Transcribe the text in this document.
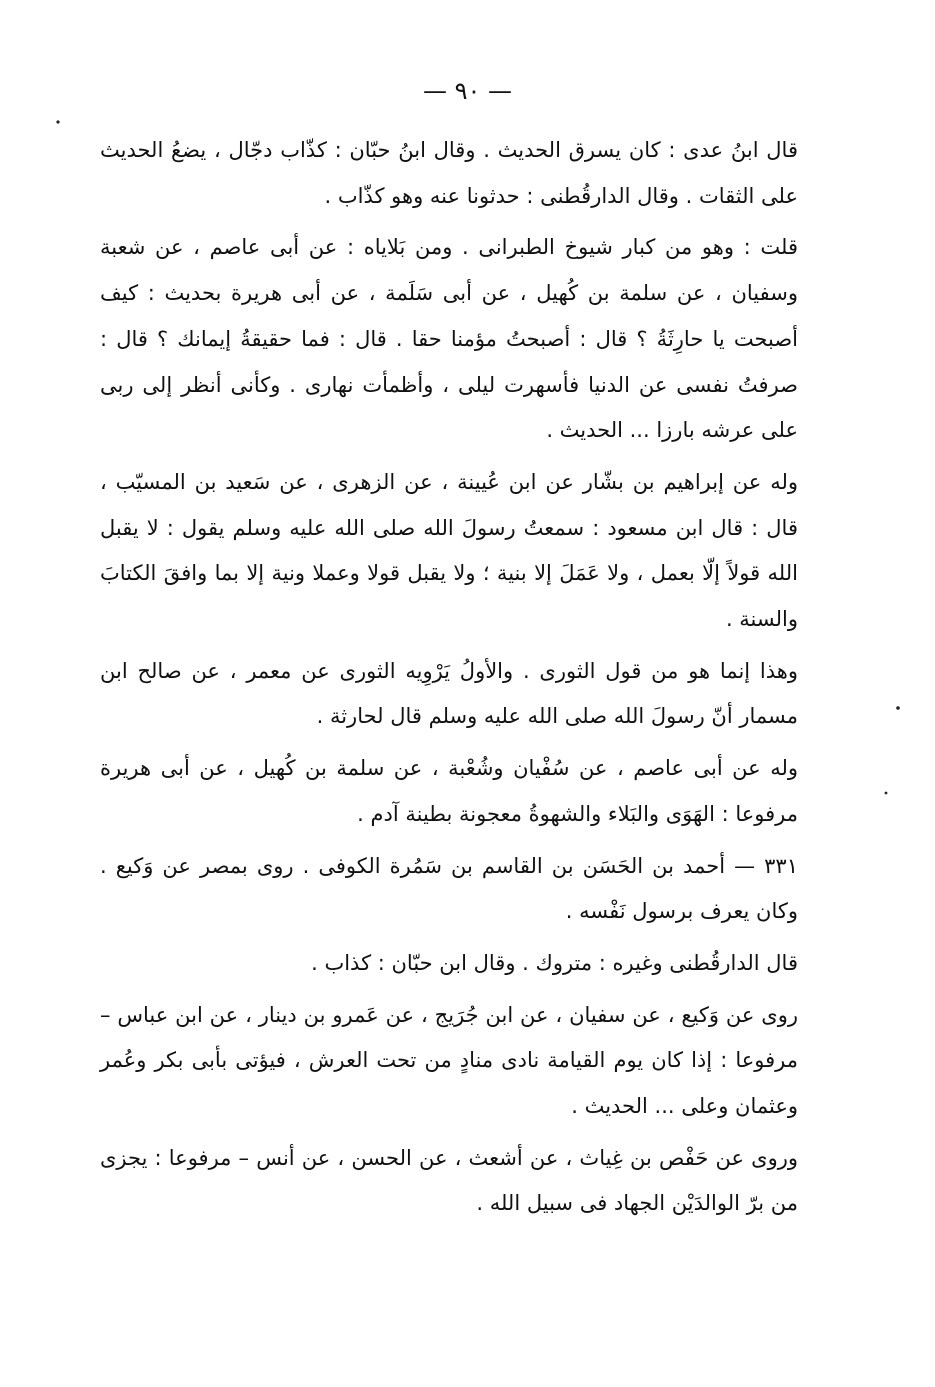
— ٩٠ —

قال ابنُ عدى : كان يسرق الحديث . وقال ابنُ حبّان : كذّاب دجّال ، يضعُ الحديث على الثقات . وقال الدارقُطنى : حدثونا عنه وهو كذّاب .

قلت : وهو من كبار شيوخ الطبرانى . ومن بَلاياه : عن أبى عاصم ، عن شعبة وسفيان ، عن سلمة بن كُهيل ، عن أبى سَلَمة ، عن أبى هريرة بحديث : كيف أصبحت يا حارِثَةُ ؟ قال : أصبحتُ مؤمنا حقا . قال : فما حقيقةُ إيمانك ؟ قال : صرفتُ نفسى عن الدنيا فأسهرت ليلى ، وأظمأت نهارى . وكأنى أنظر إلى ربى على عرشه بارزا ... الحديث .

وله عن إبراهيم بن بشّار عن ابن عُيينة ، عن الزهرى ، عن سَعيد بن المسيّب ، قال : قال ابن مسعود : سمعتُ رسولَ الله صلى الله عليه وسلم يقول : لا يقبل الله قولاً إلّا بعمل ، ولا عَمَلَ إلا بنية ؛ ولا يقبل قولا وعملا ونية إلا بما وافقَ الكتابَ والسنة .

وهذا إنما هو من قول الثورى . والأولُ يَرْوِيه الثورى عن معمر ، عن صالح ابن مسمار أنّ رسولَ الله صلى الله عليه وسلم قال لحارثة .

وله عن أبى عاصم ، عن سُفْيان وشُعْبة ، عن سلمة بن كُهيل ، عن أبى هريرة مرفوعا : الهَوَى والبَلاء والشهوةُ معجونة بطينة آدم .

٣٣١ — أحمد بن الحَسَن بن القاسم بن سَمُرة الكوفى . روى بمصر عن وَكيع . وكان يعرف برسول نَفْسه .

قال الدارقُطنى وغيره : متروك . وقال ابن حبّان : كذاب .

روى عن وَكيع ، عن سفيان ، عن ابن جُرَيج ، عن عَمرو بن دينار ، عن ابن عباس – مرفوعا : إذا كان يوم القيامة نادى منادٍ من تحت العرش ، فيؤتى بأبى بكر وعُمر وعثمان وعلى ... الحديث .

وروى عن حَفْص بن غِياث ، عن أشعث ، عن الحسن ، عن أنس – مرفوعا : يجزى من برّ الوالدَيْن الجهاد فى سبيل الله .
